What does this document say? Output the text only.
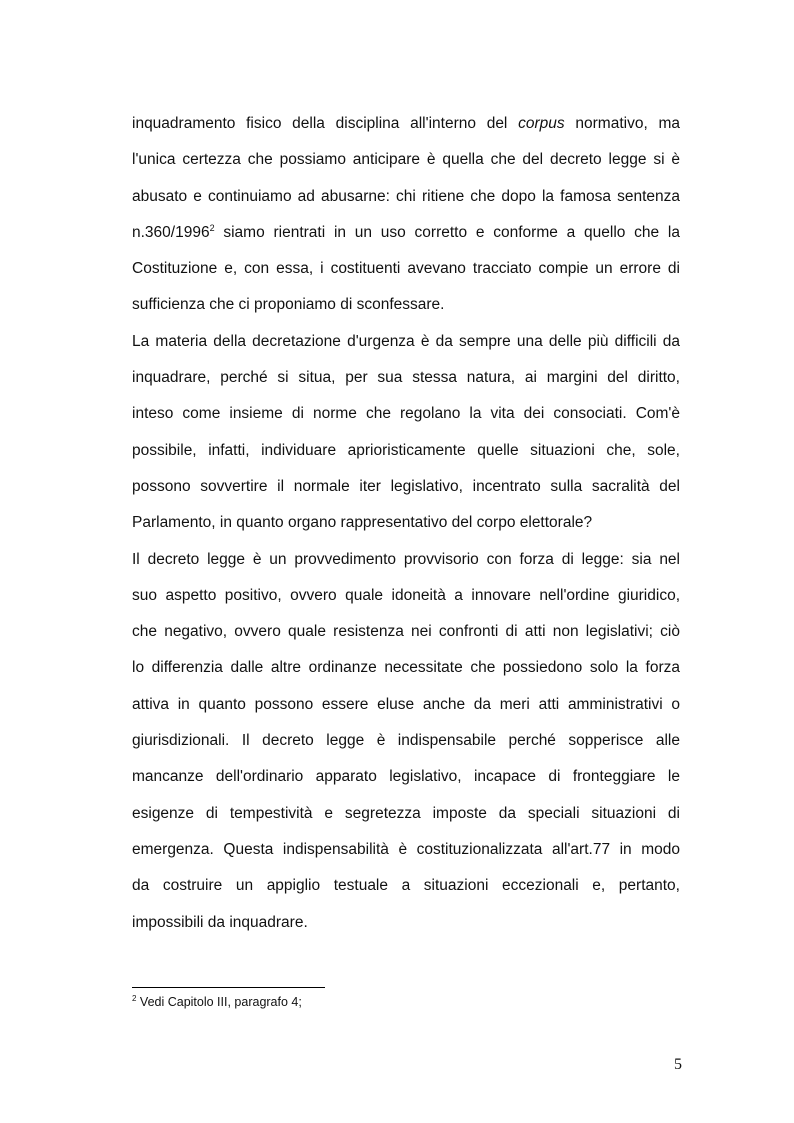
inquadramento fisico della disciplina all'interno del corpus normativo, ma
l'unica certezza che possiamo anticipare è quella che del decreto legge si è
abusato e continuiamo ad abusarne: chi ritiene che dopo la famosa sentenza
n.360/1996$^2$ siamo rientrati in un uso corretto e conforme a quello che la
Costituzione e, con essa, i costituenti avevano tracciato compie un errore di
sufficienza che ci proponiamo di sconfessare.
La materia della decretazione d'urgenza è da sempre una delle più difficili da
inquadrare, perché si situa, per sua stessa natura, ai margini del diritto,
inteso come insieme di norme che regolano la vita dei consociati. Com'è
possibile, infatti, individuare aprioristicamente quelle situazioni che, sole,
possono sovvertire il normale iter legislativo, incentrato sulla sacralità del
Parlamento, in quanto organo rappresentativo del corpo elettorale?
Il decreto legge è un provvedimento provvisorio con forza di legge: sia nel
suo aspetto positivo, ovvero quale idoneità a innovare nell'ordine giuridico,
che negativo, ovvero quale resistenza nei confronti di atti non legislativi; ciò
lo differenzia dalle altre ordinanze necessitate che possiedono solo la forza
attiva in quanto possono essere eluse anche da meri atti amministrativi o
giurisdizionali. Il decreto legge è indispensabile perché sopperisce alle
mancanze dell'ordinario apparato legislativo, incapace di fronteggiare le
esigenze di tempestività e segretezza imposte da speciali situazioni di
emergenza. Questa indispensabilità è costituzionalizzata all'art.77 in modo
da costruire un appiglio testuale a situazioni eccezionali e, pertanto,
impossibili da inquadrare.
$^2$ Vedi Capitolo III, paragrafo 4;
5
